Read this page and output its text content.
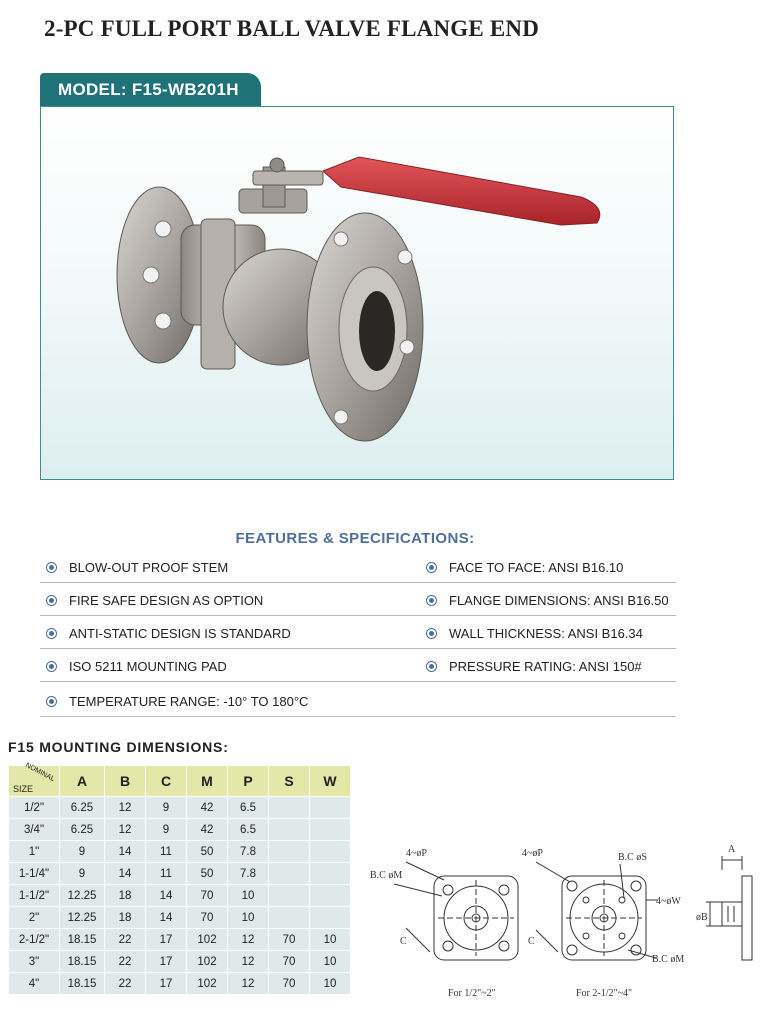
2-PC FULL PORT BALL VALVE FLANGE END
MODEL: F15-WB201H
FEATURES & SPECIFICATIONS:
BLOW-OUT PROOF STEM
FIRE SAFE DESIGN AS OPTION
ANTI-STATIC DESIGN IS STANDARD
ISO 5211 MOUNTING PAD
FACE TO FACE: ANSI B16.10
FLANGE DIMENSIONS: ANSI B16.50
WALL THICKNESS: ANSI B16.34
PRESSURE RATING: ANSI 150#
TEMPERATURE RANGE: -10° TO 180°C
F15 MOUNTING DIMENSIONS:
NOMINAL
SIZE	A	B	C	M	P	S	W
1/2"	6.25	12	9	42	6.5		
3/4"	6.25	12	9	42	6.5		
1"	9	14	11	50	7.8		
1-1/4"	9	14	11	50	7.8		
1-1/2"	12.25	18	14	70	10		
2"	12.25	18	14	70	10		
2-1/2"	18.15	22	17	102	12	70	10
3"	18.15	22	17	102	12	70	10
4"	18.15	22	17	102	12	70	10
4~øP
B.C øM
C
For 1/2"~2"
4~øP	B.C øS
4~øW
B.C øM
C
For 2-1/2"~4"
A
øB
